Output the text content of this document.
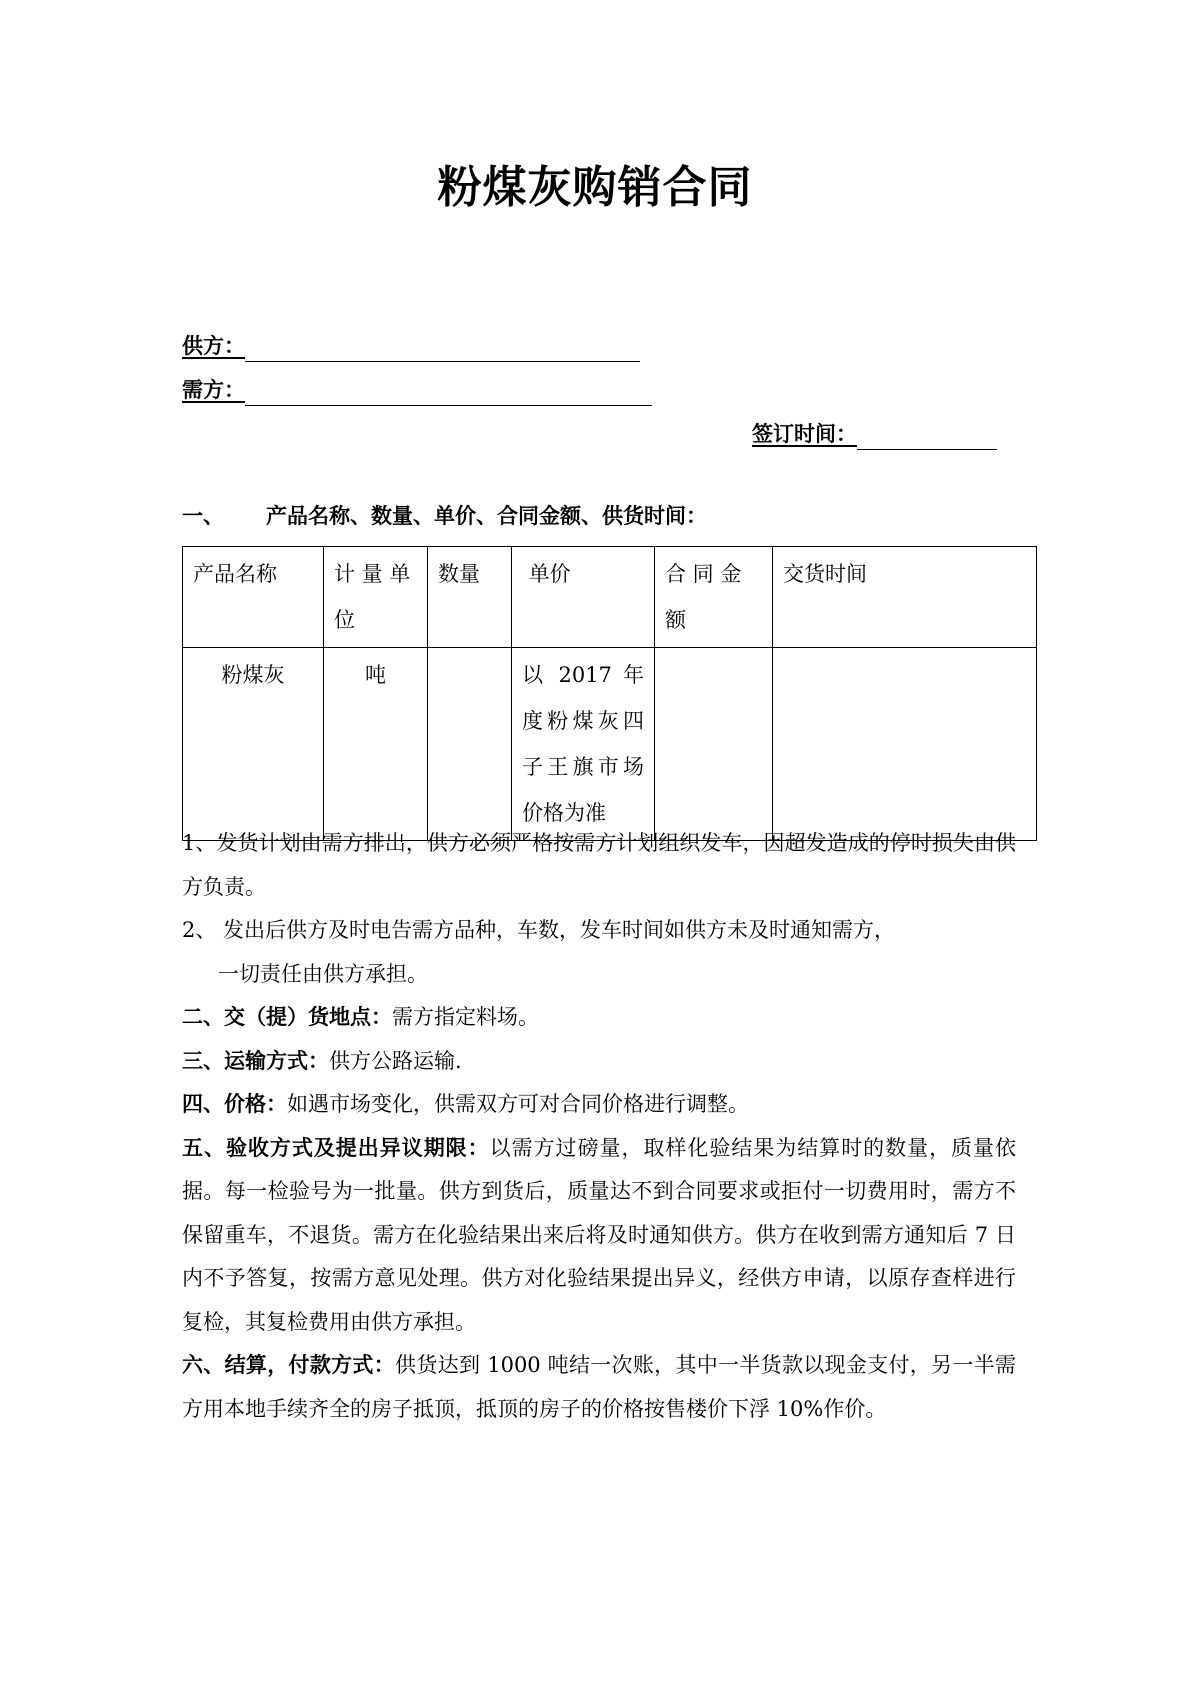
粉煤灰购销合同
供方：
需方：
签订时间：
一、 产品名称、数量、单价、合同金额、供货时间：
产品名称	计 量 单 位	数量	单价	合 同 金 额	交货时间
粉煤灰	吨		以 2017 年度粉煤灰四子王旗市场价格为准		

1、发货计划由需方排出，供方必须严格按需方计划组织发车，因超发造成的停时损失由供方负责。

2、 发出后供方及时电告需方品种，车数，发车时间如供方未及时通知需方，

一切责任由供方承担。

二、交（提）货地点：需方指定料场。

三、运输方式：供方公路运输.

四、价格：如遇市场变化，供需双方可对合同价格进行调整。

五、验收方式及提出异议期限：以需方过磅量，取样化验结果为结算时的数量，质量依据。每一检验号为一批量。供方到货后，质量达不到合同要求或拒付一切费用时，需方不保留重车，不退货。需方在化验结果出来后将及时通知供方。供方在收到需方通知后 7 日内不予答复，按需方意见处理。供方对化验结果提出异义，经供方申请，以原存查样进行复检，其复检费用由供方承担。

六、结算，付款方式：供货达到 1000 吨结一次账，其中一半货款以现金支付，另一半需方用本地手续齐全的房子抵顶，抵顶的房子的价格按售楼价下浮 10%作价。
